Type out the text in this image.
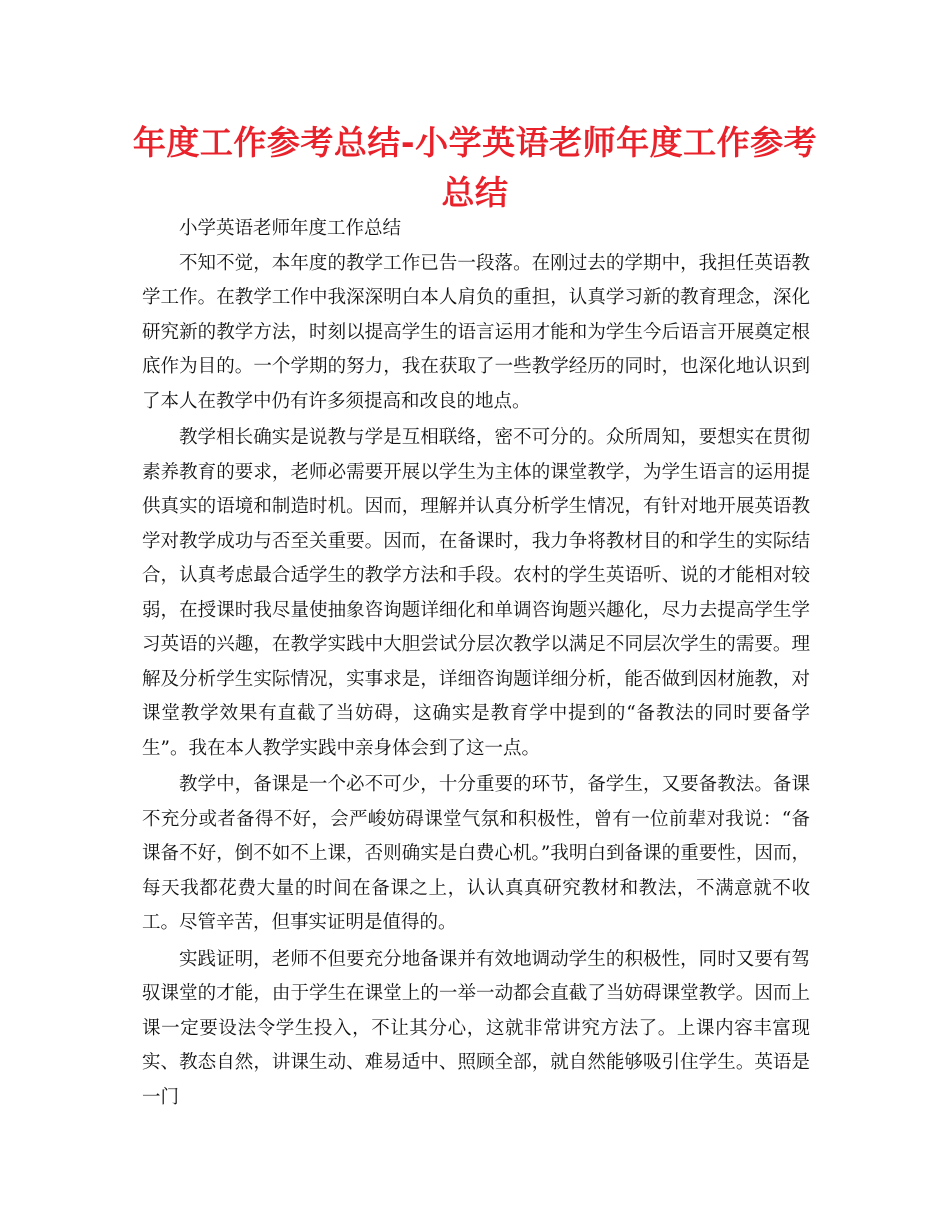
年度工作参考总结-小学英语老师年度工作参考总结

小学英语老师年度工作总结

不知不觉，本年度的教学工作已告一段落。在刚过去的学期中，我担任英语教学工作。在教学工作中我深深明白本人肩负的重担，认真学习新的教育理念，深化研究新的教学方法，时刻以提高学生的语言运用才能和为学生今后语言开展奠定根底作为目的。一个学期的努力，我在获取了一些教学经历的同时，也深化地认识到了本人在教学中仍有许多须提高和改良的地点。

教学相长确实是说教与学是互相联络，密不可分的。众所周知，要想实在贯彻素养教育的要求，老师必需要开展以学生为主体的课堂教学，为学生语言的运用提供真实的语境和制造时机。因而，理解并认真分析学生情况，有针对地开展英语教学对教学成功与否至关重要。因而，在备课时，我力争将教材目的和学生的实际结合，认真考虑最合适学生的教学方法和手段。农村的学生英语听、说的才能相对较弱，在授课时我尽量使抽象咨询题详细化和单调咨询题兴趣化，尽力去提高学生学习英语的兴趣，在教学实践中大胆尝试分层次教学以满足不同层次学生的需要。理解及分析学生实际情况，实事求是，详细咨询题详细分析，能否做到因材施教，对课堂教学效果有直截了当妨碍，这确实是教育学中提到的“备教法的同时要备学生”。我在本人教学实践中亲身体会到了这一点。

教学中，备课是一个必不可少，十分重要的环节，备学生，又要备教法。备课不充分或者备得不好，会严峻妨碍课堂气氛和积极性，曾有一位前辈对我说：“备课备不好，倒不如不上课，否则确实是白费心机。”我明白到备课的重要性，因而，每天我都花费大量的时间在备课之上，认认真真研究教材和教法，不满意就不收工。尽管辛苦，但事实证明是值得的。

实践证明，老师不但要充分地备课并有效地调动学生的积极性，同时又要有驾驭课堂的才能，由于学生在课堂上的一举一动都会直截了当妨碍课堂教学。因而上课一定要设法令学生投入，不让其分心，这就非常讲究方法了。上课内容丰富现实、教态自然，讲课生动、难易适中、照顾全部，就自然能够吸引住学生。英语是一门
